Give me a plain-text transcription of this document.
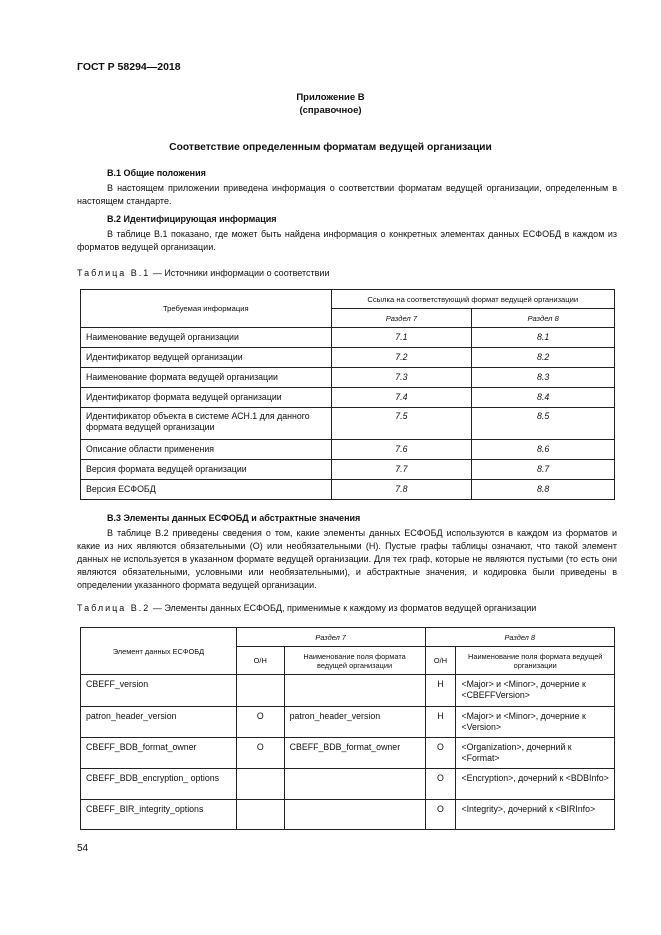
ГОСТ Р 58294—2018
Приложение В
(справочное)
Соответствие определенным форматам ведущей организации
В.1 Общие положения
В настоящем приложении приведена информация о соответствии форматам ведущей организации, определенным в настоящем стандарте.
В.2 Идентифицирующая информация
В таблице В.1 показано, где может быть найдена информация о конкретных элементах данных ЕСФОБД в каждом из форматов ведущей организации.
Таблица В.1 — Источники информации о соответствии
Требуемая информация	Ссылка на соответствующий формат ведущей организации	
	Раздел 7	Раздел 8
Наименование ведущей организации	7.1	8.1
Идентификатор ведущей организации	7.2	8.2
Наименование формата ведущей организации	7.3	8.3
Идентификатор формата ведущей организации	7.4	8.4
Идентификатор объекта в системе АСН.1 для данного формата ведущей организации	7.5	8.5
Описание области применения	7.6	8.6
Версия формата ведущей организации	7.7	8.7
Версия ЕСФОБД	7.8	8.8
В.3 Элементы данных ЕСФОБД и абстрактные значения
В таблице В.2 приведены сведения о том, какие элементы данных ЕСФОБД используются в каждом из форматов и какие из них являются обязательными (О) или необязательными (Н). Пустые графы таблицы означают, что такой элемент данных не используется в указанном формате ведущей организации. Для тех граф, которые не являются пустыми (то есть они являются обязательными, условными или необязательными), и абстрактные значения, и кодировка были приведены в определении указанного формата ведущей организации.
Таблица В.2 — Элементы данных ЕСФОБД, применимые к каждому из форматов ведущей организации
Элемент данных ЕСФОБД	Раздел 7		Раздел 8	
	О/Н	Наименование поля формата ведущей организации	О/Н	Наименование поля формата ведущей организации
CBEFF_version			Н	<Major> и <Minor>, дочерние к <CBEFFVersion>
patron_header_version	О	patron_header_version	Н	<Major> и <Minor>, дочерние к <Version>
CBEFF_BDB_format_owner	О	CBEFF_BDB_format_owner	О	<Organization>, дочерний к <Format>
CBEFF_BDB_encryption_ options			О	<Encryption>, дочерний к <BDBInfo>
CBEFF_BIR_integrity_options			О	<Integrity>, дочерний к <BIRInfo>
54
